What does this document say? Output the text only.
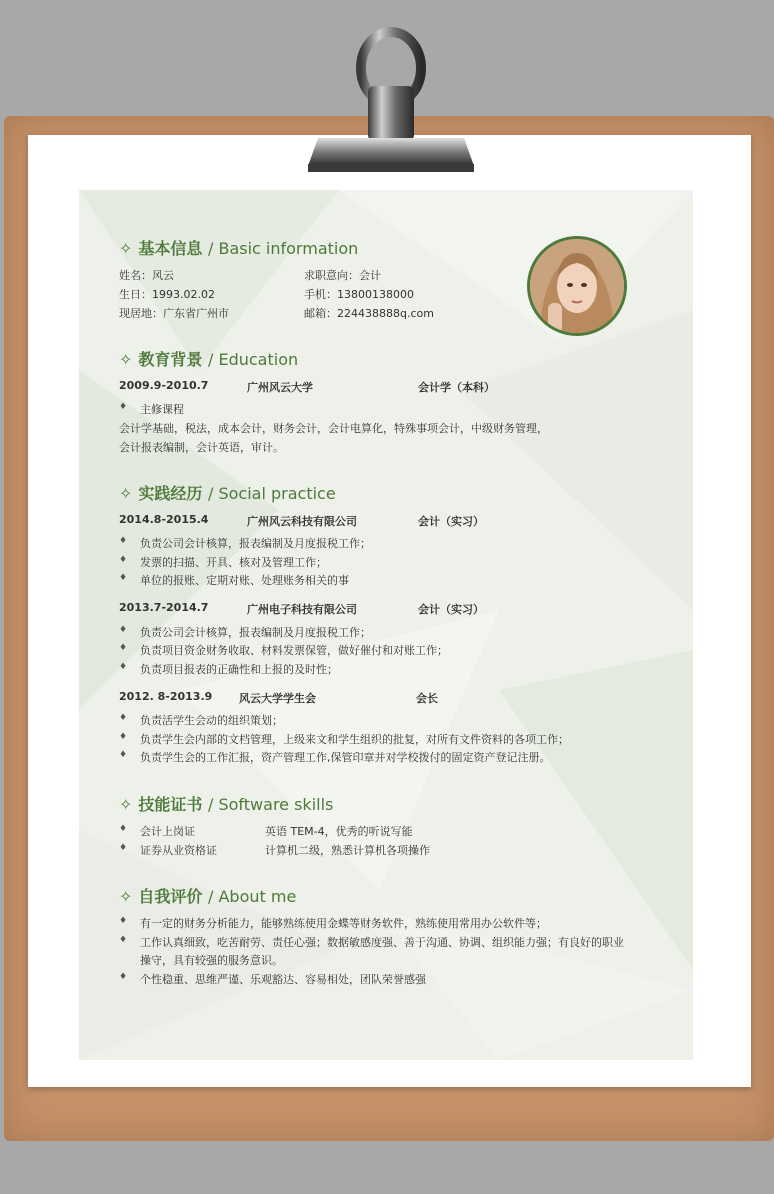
✧ 基本信息 / Basic information
姓名：风云	求职意向：会计
生日：1993.02.02	手机：13800138000
现居地：广东省广州市	邮箱：224438888q.com
✧ 教育背景 / Education
2009.9-2010.7	广州风云大学	会计学（本科）
♦ 主修课程
会计学基础，税法，成本会计，财务会计，会计电算化，特殊事项会计，中级财务管理，
会计报表编制，会计英语，审计。
✧ 实践经历 / Social practice
2014.8-2015.4	广州风云科技有限公司	会计（实习）
♦ 负责公司会计核算，报表编制及月度报税工作；
♦ 发票的扫描、开具、核对及管理工作；
♦ 单位的报账、定期对账、处理账务相关的事
2013.7-2014.7	广州电子科技有限公司	会计（实习）
♦ 负责公司会计核算，报表编制及月度报税工作；
♦ 负责项目资金财务收取、材料发票保管，做好催付和对账工作；
♦ 负责项目报表的正确性和上报的及时性；
2012. 8-2013.9 风云大学学生会	会长
♦ 负责活学生会动的组织策划；
♦ 负责学生会内部的文档管理，上级来文和学生组织的批复，对所有文件资料的各项工作；
♦ 负责学生会的工作汇报，资产管理工作,保管印章并对学校拨付的固定资产登记注册。
✧ 技能证书 / Software skills
♦ 会计上岗证	英语 TEM-4，优秀的听说写能
♦ 证券从业资格证	计算机二级，熟悉计算机各项操作
✧ 自我评价 / About me
♦ 有一定的财务分析能力，能够熟练使用金蝶等财务软件，熟练使用常用办公软件等；
♦ 工作认真细致，吃苦耐劳、责任心强；数据敏感度强、善于沟通、协调、组织能力强；有良好的职业
操守，具有较强的服务意识。
♦ 个性稳重、思维严谨、乐观豁达、容易相处，团队荣誉感强
